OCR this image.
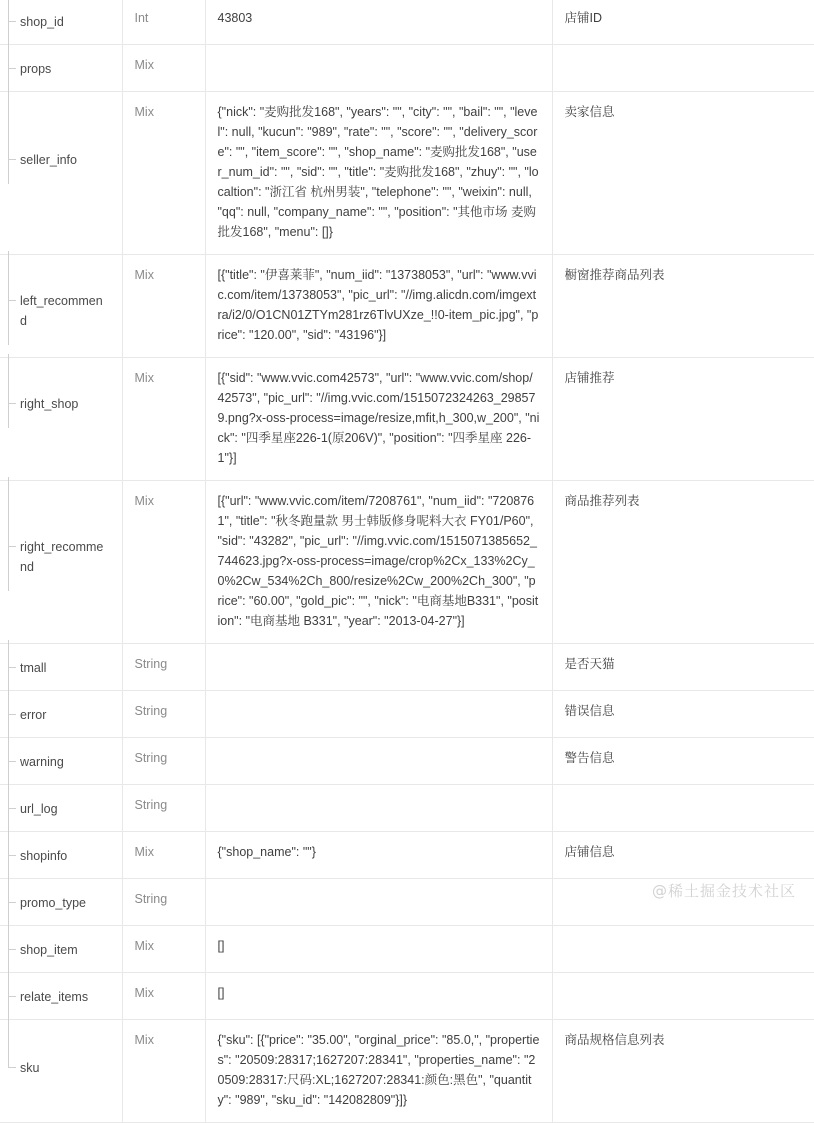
shop_id	Int	43803	店铺ID

props	Mix		

seller_info	Mix	{"nick": "麦购批发168", "years": "", "city": "", "bail": "", "level": null, "kucun": "989", "rate": "", "score": "", "delivery_score": "", "item_score": "", "shop_name": "麦购批发168", "user_num_id": "", "sid": "", "title": "麦购批发168", "zhuy": "", "localtion": "浙江省 杭州男装", "telephone": "", "weixin": null, "qq": null, "company_name": "", "position": "其他市场 麦购批发168", "menu": []}	卖家信息

left_recommend	Mix	[{"title": "伊喜莱菲", "num_iid": "13738053", "url": "www.vvic.com/item/13738053", "pic_url": "//img.alicdn.com/imgextra/i2/0/O1CN01ZTYm281rz6TlvUXze_!!0-item_pic.jpg", "price": "120.00", "sid": "43196"}]	橱窗推荐商品列表

right_shop	Mix	[{"sid": "www.vvic.com42573", "url": "www.vvic.com/shop/42573", "pic_url": "//img.vvic.com/1515072324263_298579.png?x-oss-process=image/resize,mfit,h_300,w_200", "nick": "四季星座226-1(原206V)", "position": "四季星座 226-1"}]	店铺推荐

right_recommend	Mix	[{"url": "www.vvic.com/item/7208761", "num_iid": "7208761", "title": "秋冬跑量款 男士韩版修身呢料大衣 FY01/P60", "sid": "43282", "pic_url": "//img.vvic.com/1515071385652_744623.jpg?x-oss-process=image/crop%2Cx_133%2Cy_0%2Cw_534%2Ch_800/resize%2Cw_200%2Ch_300", "price": "60.00", "gold_pic": "", "nick": "电商基地B331", "position": "电商基地 B331", "year": "2013-04-27"}]	商品推荐列表

tmall	String		是否天猫

error	String		错误信息

warning	String		警告信息

url_log	String		

shopinfo	Mix	{"shop_name": ""}	店铺信息

promo_type	String		

shop_item	Mix	[]	

relate_items	Mix	[]	

sku	Mix	{"sku": [{"price": "35.00", "orginal_price": "85.0,", "properties": "20509:28317;1627207:28341", "properties_name": "20509:28317:尺码:XL;1627207:28341:颜色:黑色", "quantity": "989", "sku_id": "142082809"}]}	商品规格信息列表
@稀土掘金技术社区
